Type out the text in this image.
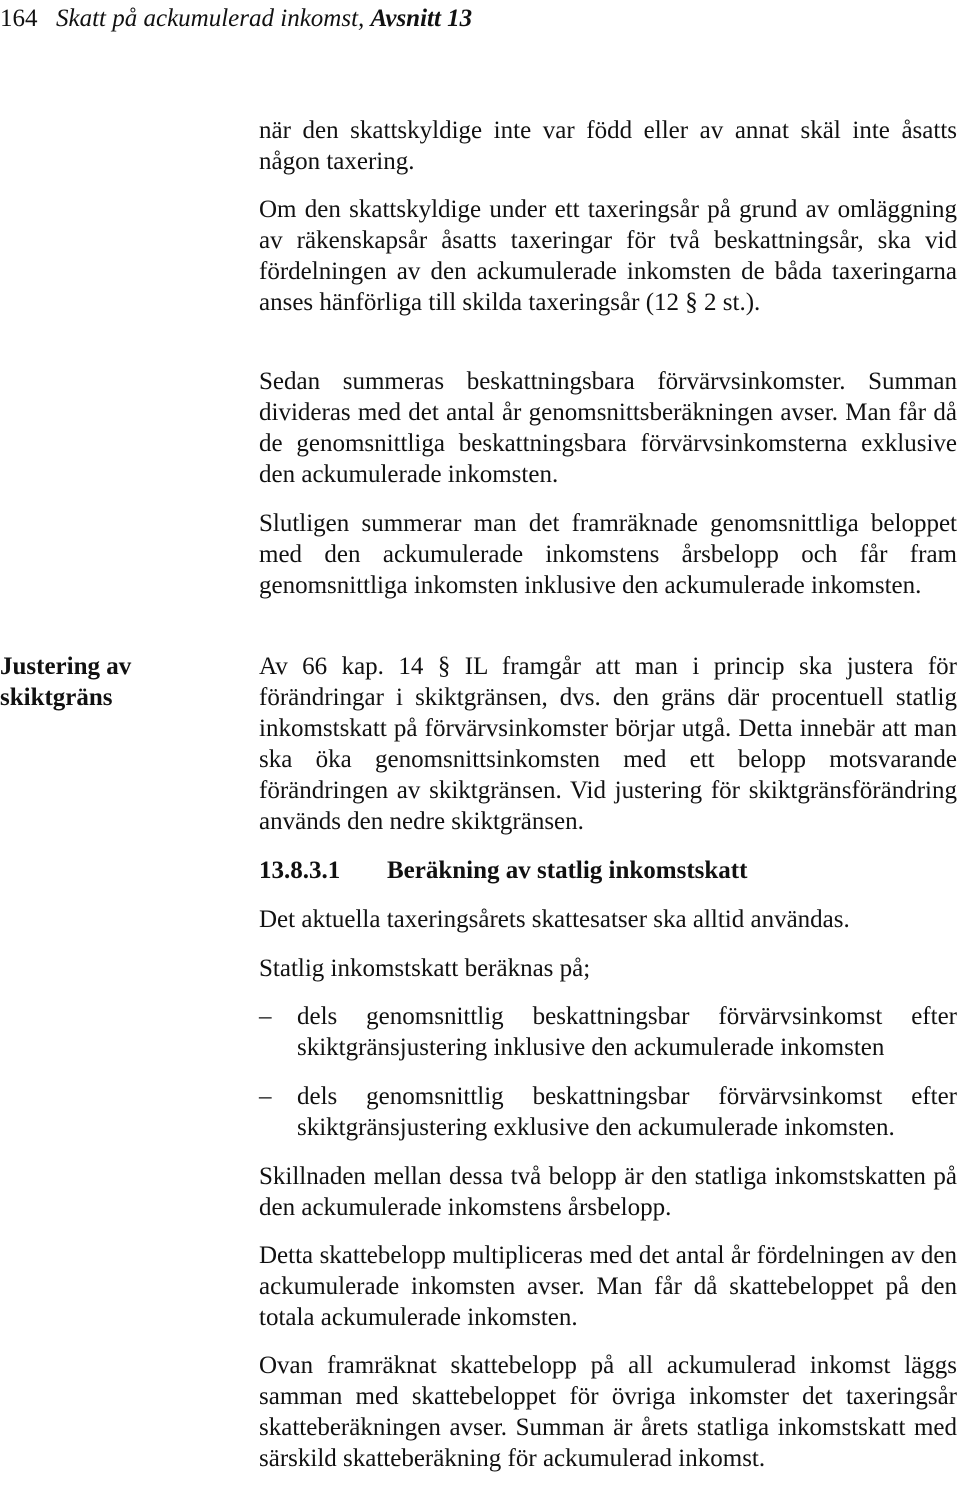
164 Skatt på ackumulerad inkomst, Avsnitt 13
Justering av
skiktgräns

när den skattskyldige inte var född eller av annat skäl inte åsatts någon taxering.

Om den skattskyldige under ett taxeringsår på grund av omläggning av räkenskapsår åsatts taxeringar för två beskattningsår, ska vid fördelningen av den ackumulerade inkomsten de båda taxeringarna anses hänförliga till skilda taxeringsår (12 § 2 st.).

Sedan summeras beskattningsbara förvärvsinkomster. Summan divideras med det antal år genomsnittsberäkningen avser. Man får då de genomsnittliga beskattningsbara förvärvsinkomsterna exklusive den ackumulerade inkomsten.

Slutligen summerar man det framräknade genomsnittliga beloppet med den ackumulerade inkomstens årsbelopp och får fram genomsnittliga inkomsten inklusive den ackumulerade inkomsten.

Av 66 kap. 14 § IL framgår att man i princip ska justera för förändringar i skiktgränsen, dvs. den gräns där procentuell statlig inkomstskatt på förvärvsinkomster börjar utgå. Detta innebär att man ska öka genomsnittsinkomsten med ett belopp motsvarande förändringen av skiktgränsen. Vid justering för skiktgränsförändring används den nedre skiktgränsen.

13.8.3.1 Beräkning av statlig inkomstskatt

Det aktuella taxeringsårets skattesatser ska alltid användas.

Statlig inkomstskatt beräknas på;

–	dels genomsnittlig beskattningsbar förvärvsinkomst efter skiktgränsjustering inklusive den ackumulerade inkomsten
–	dels genomsnittlig beskattningsbar förvärvsinkomst efter skiktgränsjustering exklusive den ackumulerade inkomsten.

Skillnaden mellan dessa två belopp är den statliga inkomstskatten på den ackumulerade inkomstens årsbelopp.

Detta skattebelopp multipliceras med det antal år fördelningen av den ackumulerade inkomsten avser. Man får då skattebeloppet på den totala ackumulerade inkomsten.

Ovan framräknat skattebelopp på all ackumulerad inkomst läggs samman med skattebeloppet för övriga inkomster det taxeringsår skatteberäkningen avser. Summan är årets statliga inkomstskatt med särskild skatteberäkning för ackumulerad inkomst.
